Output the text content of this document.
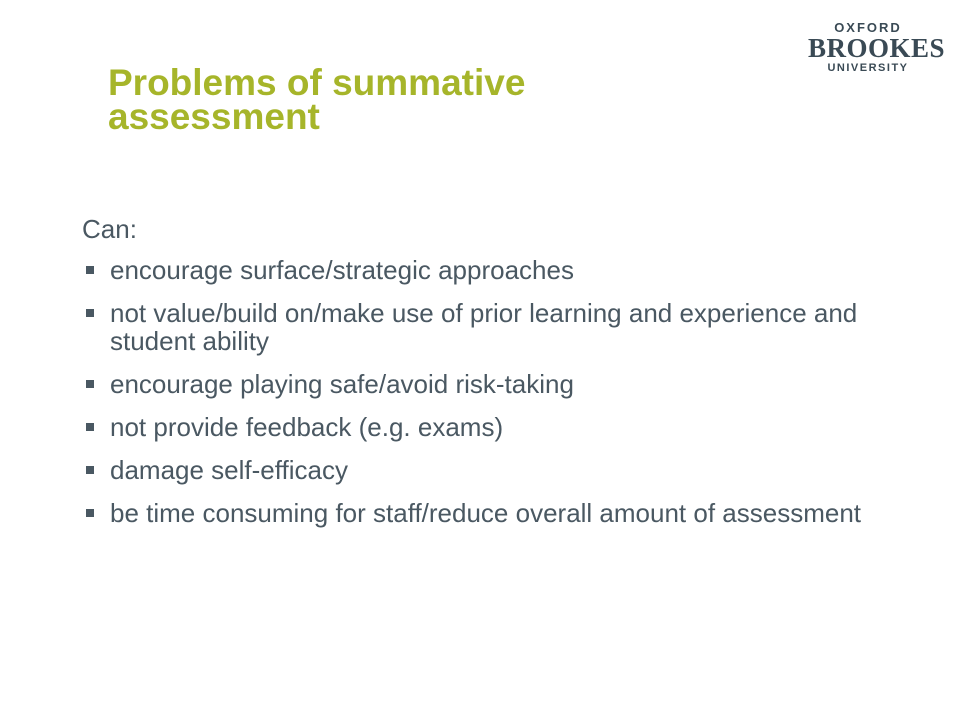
OXFORD
BROOKES
UNIVERSITY
Problems of summative assessment

Can:

encourage surface/strategic approaches
not value/build on/make use of prior learning and experience and student ability
encourage playing safe/avoid risk-taking
not provide feedback (e.g. exams)
damage self-efficacy
be time consuming for staff/reduce overall amount of assessment
